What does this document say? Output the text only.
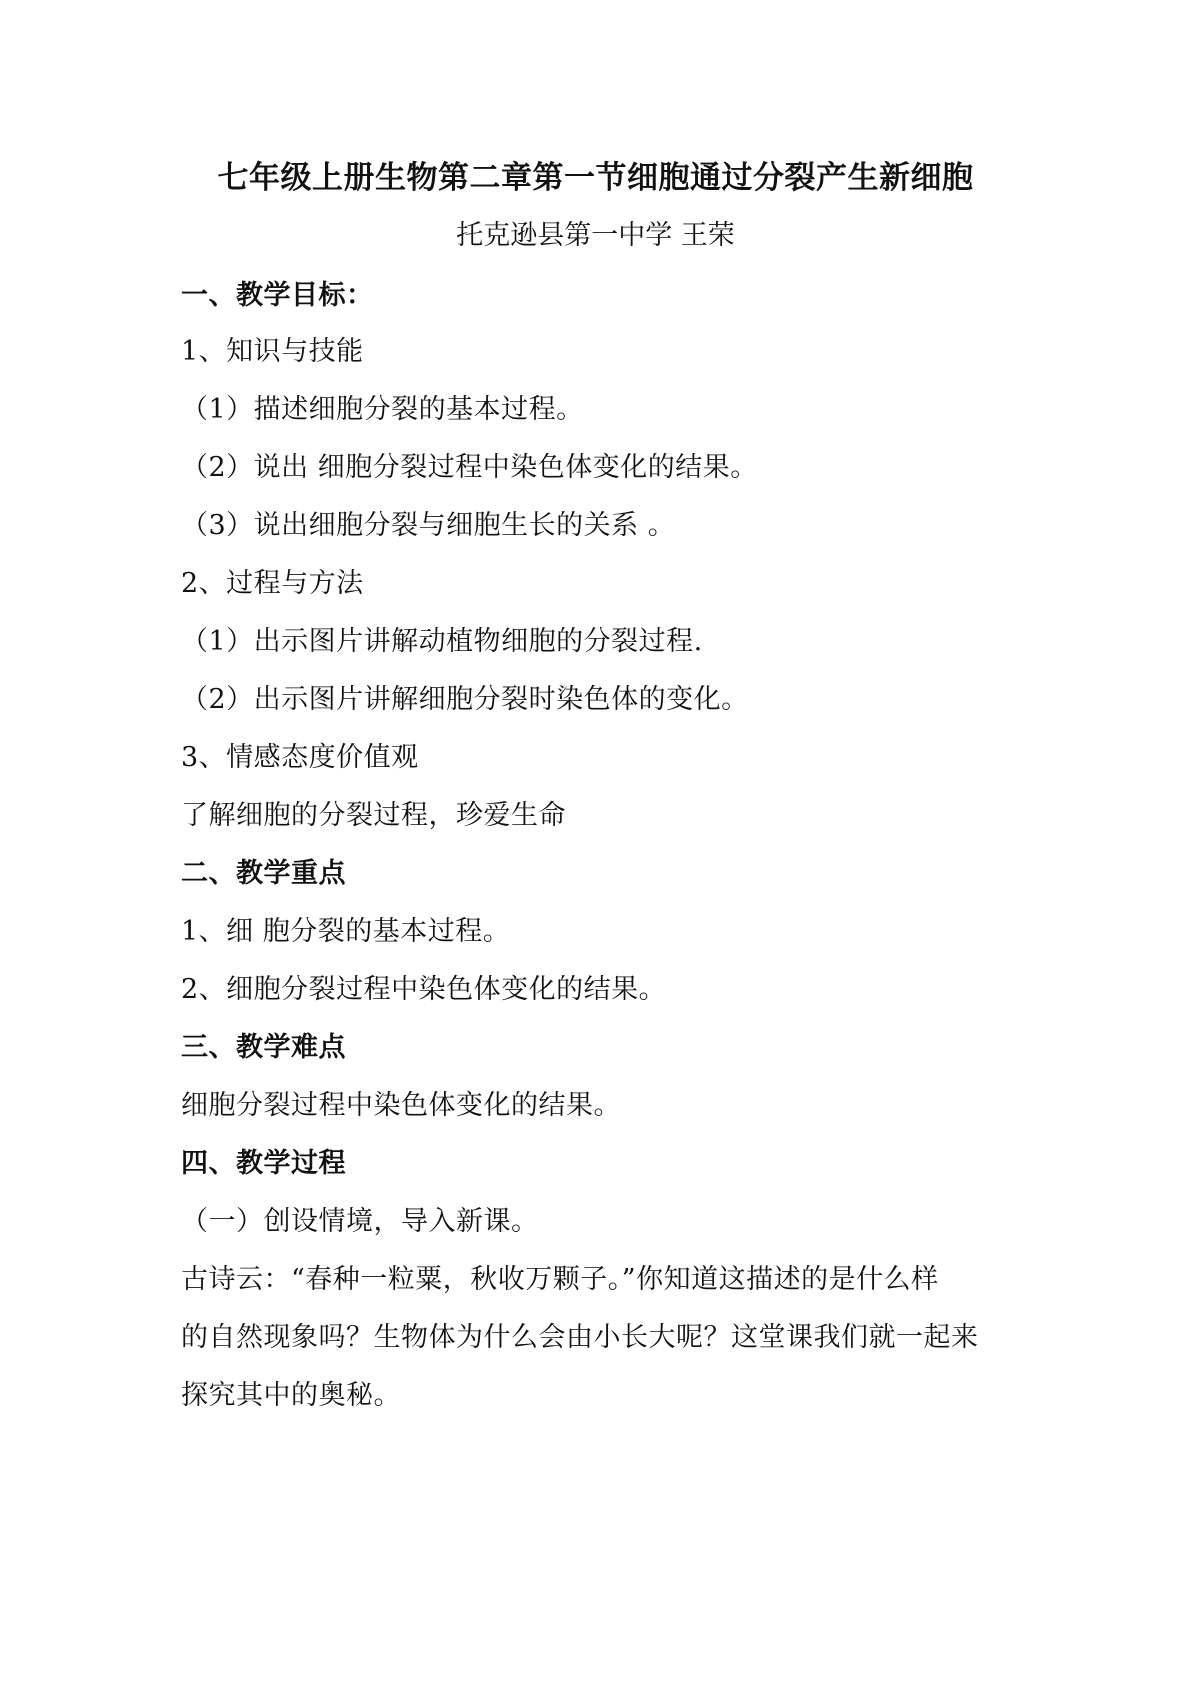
七年级上册生物第二章第一节细胞通过分裂产生新细胞
托克逊县第一中学 王荣
一、教学目标：
1、知识与技能
（1）描述细胞分裂的基本过程。
（2）说出 细胞分裂过程中染色体变化的结果。
（3）说出细胞分裂与细胞生长的关系 。
2、过程与方法
（1）出示图片讲解动植物细胞的分裂过程.
（2）出示图片讲解细胞分裂时染色体的变化。
3、情感态度价值观
了解细胞的分裂过程，珍爱生命
二、教学重点
1、细 胞分裂的基本过程。
2、细胞分裂过程中染色体变化的结果。
三、教学难点
细胞分裂过程中染色体变化的结果。
四、教学过程
（一）创设情境，导入新课。
古诗云：“春种一粒粟，秋收万颗子。”你知道这描述的是什么样
的自然现象吗？生物体为什么会由小长大呢？这堂课我们就一起来
探究其中的奥秘。
